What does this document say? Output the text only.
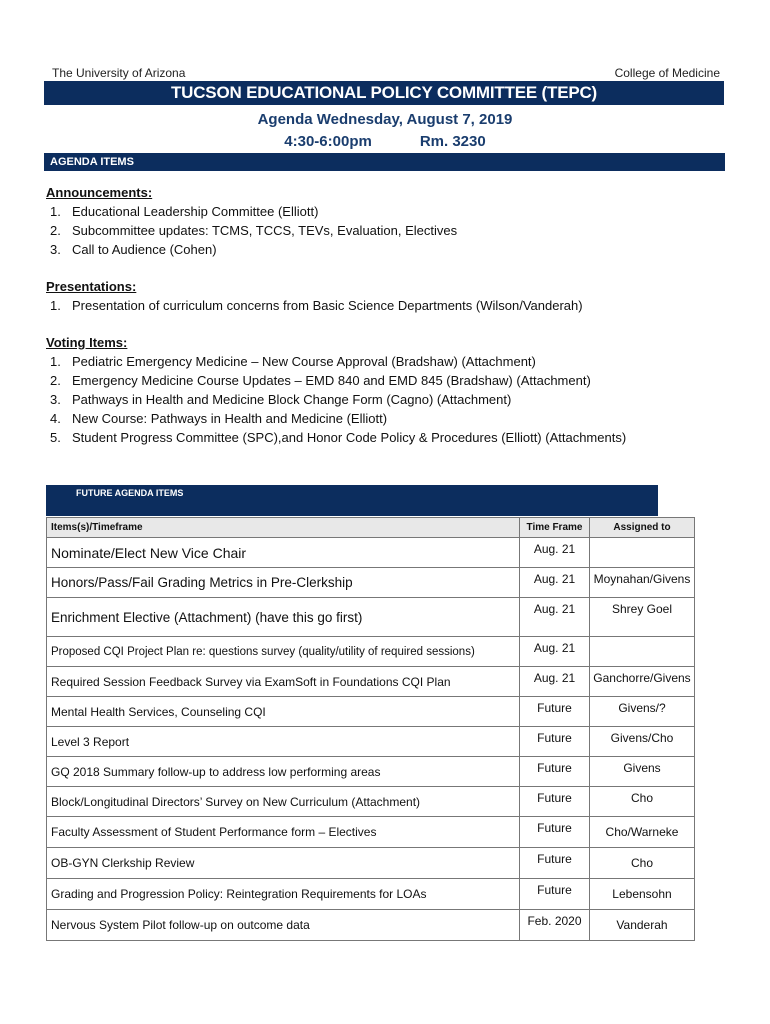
The University of Arizona	College of Medicine
TUCSON EDUCATIONAL POLICY COMMITTEE (TEPC)
Agenda Wednesday, August 7, 2019
4:30-6:00pm	Rm. 3230
AGENDA ITEMS
Announcements:
1. Educational Leadership Committee (Elliott)
2. Subcommittee updates: TCMS, TCCS, TEVs, Evaluation, Electives
3. Call to Audience (Cohen)
Presentations:
1. Presentation of curriculum concerns from Basic Science Departments (Wilson/Vanderah)
Voting Items:
1. Pediatric Emergency Medicine – New Course Approval (Bradshaw) (Attachment)
2. Emergency Medicine Course Updates – EMD 840 and EMD 845 (Bradshaw) (Attachment)
3. Pathways in Health and Medicine Block Change Form (Cagno) (Attachment)
4. New Course: Pathways in Health and Medicine (Elliott)
5. Student Progress Committee (SPC),and Honor Code Policy & Procedures (Elliott) (Attachments)
FUTURE AGENDA ITEMS
Items(s)/Timeframe	Time Frame	Assigned to
Nominate/Elect New Vice Chair	Aug. 21	
Honors/Pass/Fail Grading Metrics in Pre-Clerkship	Aug. 21	Moynahan/Givens
Enrichment Elective (Attachment) (have this go first)	Aug. 21	Shrey Goel
Proposed CQI Project Plan re: questions survey (quality/utility of required sessions)	Aug. 21	
Required Session Feedback Survey via ExamSoft in Foundations CQI Plan	Aug. 21	Ganchorre/Givens
Mental Health Services, Counseling CQI	Future	Givens/?
Level 3 Report	Future	Givens/Cho
GQ 2018 Summary follow-up to address low performing areas	Future	Givens
Block/Longitudinal Directors’ Survey on New Curriculum (Attachment)	Future	Cho
Faculty Assessment of Student Performance form – Electives	Future	Cho/Warneke
OB-GYN Clerkship Review	Future	Cho
Grading and Progression Policy: Reintegration Requirements for LOAs	Future	Lebensohn
Nervous System Pilot follow-up on outcome data	Feb. 2020	Vanderah
